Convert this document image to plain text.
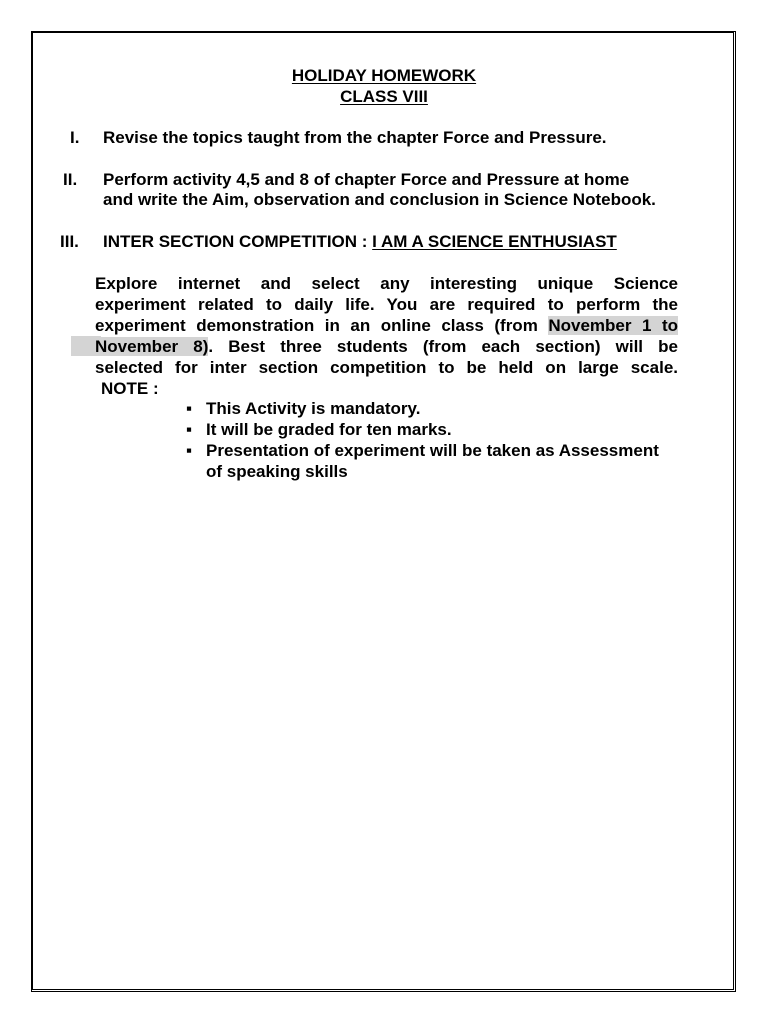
HOLIDAY HOMEWORK
CLASS VIII
I.	Revise the topics taught from the chapter Force and Pressure.
II.	Perform activity 4,5 and 8 of chapter Force and Pressure at home
and write the Aim, observation and conclusion in Science Notebook.
III.	INTER SECTION COMPETITION : I AM A SCIENCE ENTHUSIAST
Explore internet and select any interesting unique Science
experiment related to daily life. You are required to perform the
experiment demonstration in an online class (from November 1 to
November 8). Best three students (from each section) will be
selected for inter section competition to be held on large scale.
NOTE :
▪ This Activity is mandatory.
▪ It will be graded for ten marks.
▪ Presentation of experiment will be taken as Assessment
of speaking skills
